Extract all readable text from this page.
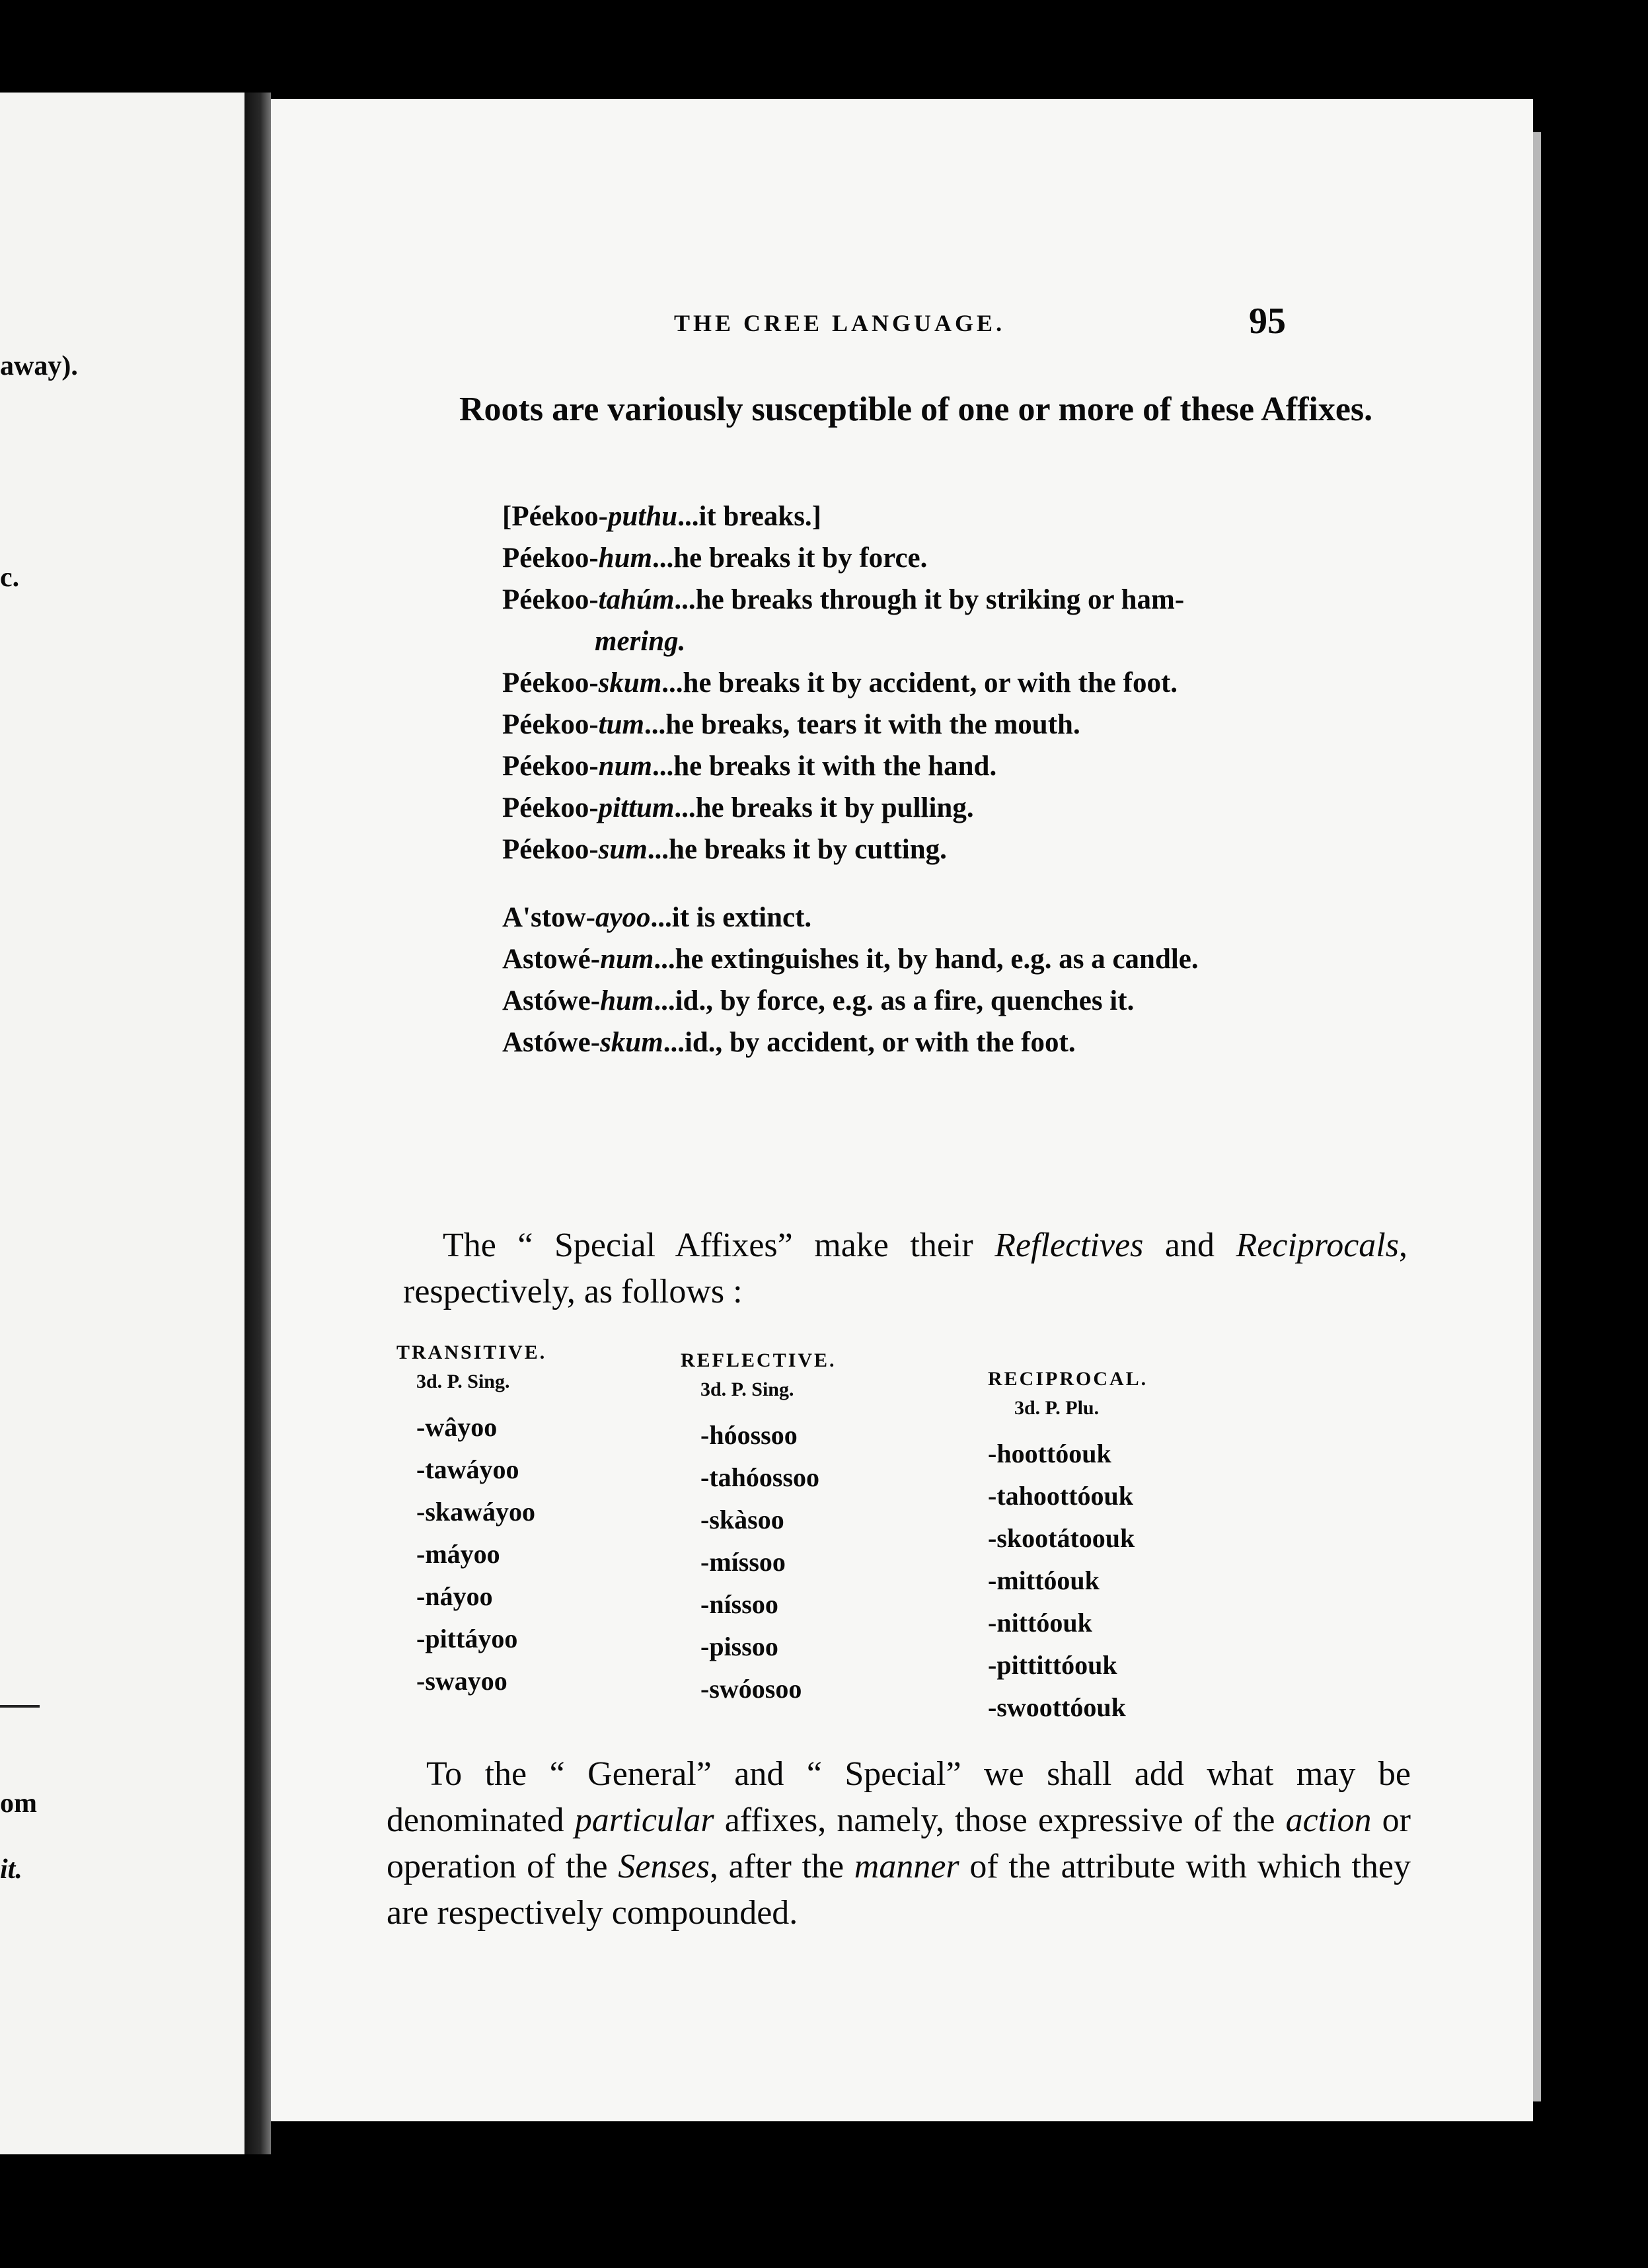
away).
c.
om
it.
THE CREE LANGUAGE.	95

Roots are variously susceptible of one or more of these Affixes.

[Péekoo-puthu...it breaks.]
Péekoo-hum...he breaks it by force.
Péekoo-tahúm...he breaks through it by striking or ham-
mering.
Péekoo-skum...he breaks it by accident, or with the foot.
Péekoo-tum...he breaks, tears it with the mouth.
Péekoo-num...he breaks it with the hand.
Péekoo-pittum...he breaks it by pulling.
Péekoo-sum...he breaks it by cutting.
A'stow-ayoo...it is extinct.
Astowé-num...he extinguishes it, by hand, e.g. as a candle.
Astówe-hum...id., by force, e.g. as a fire, quenches it.
Astówe-skum...id., by accident, or with the foot.

The “ Special Affixes” make their Reflectives and Reciprocals, respectively, as follows :

TRANSITIVE.
3d. P. Sing.
-wâyoo
-tawáyoo
-skawáyoo
-máyoo
-náyoo
-pittáyoo
-swayoo
REFLECTIVE.
3d. P. Sing.
-hóossoo
-tahóossoo
-skàsoo
-míssoo
-níssoo
-pissoo
-swóosoo
RECIPROCAL.
3d. P. Plu.
-hoottóouk
-tahoottóouk
-skootátoouk
-mittóouk
-nittóouk
-pittittóouk
-swoottóouk

To the “ General” and “ Special” we shall add what may be denominated particular affixes, namely, those expressive of the action or operation of the Senses, after the manner of the attribute with which they are respectively compounded.
